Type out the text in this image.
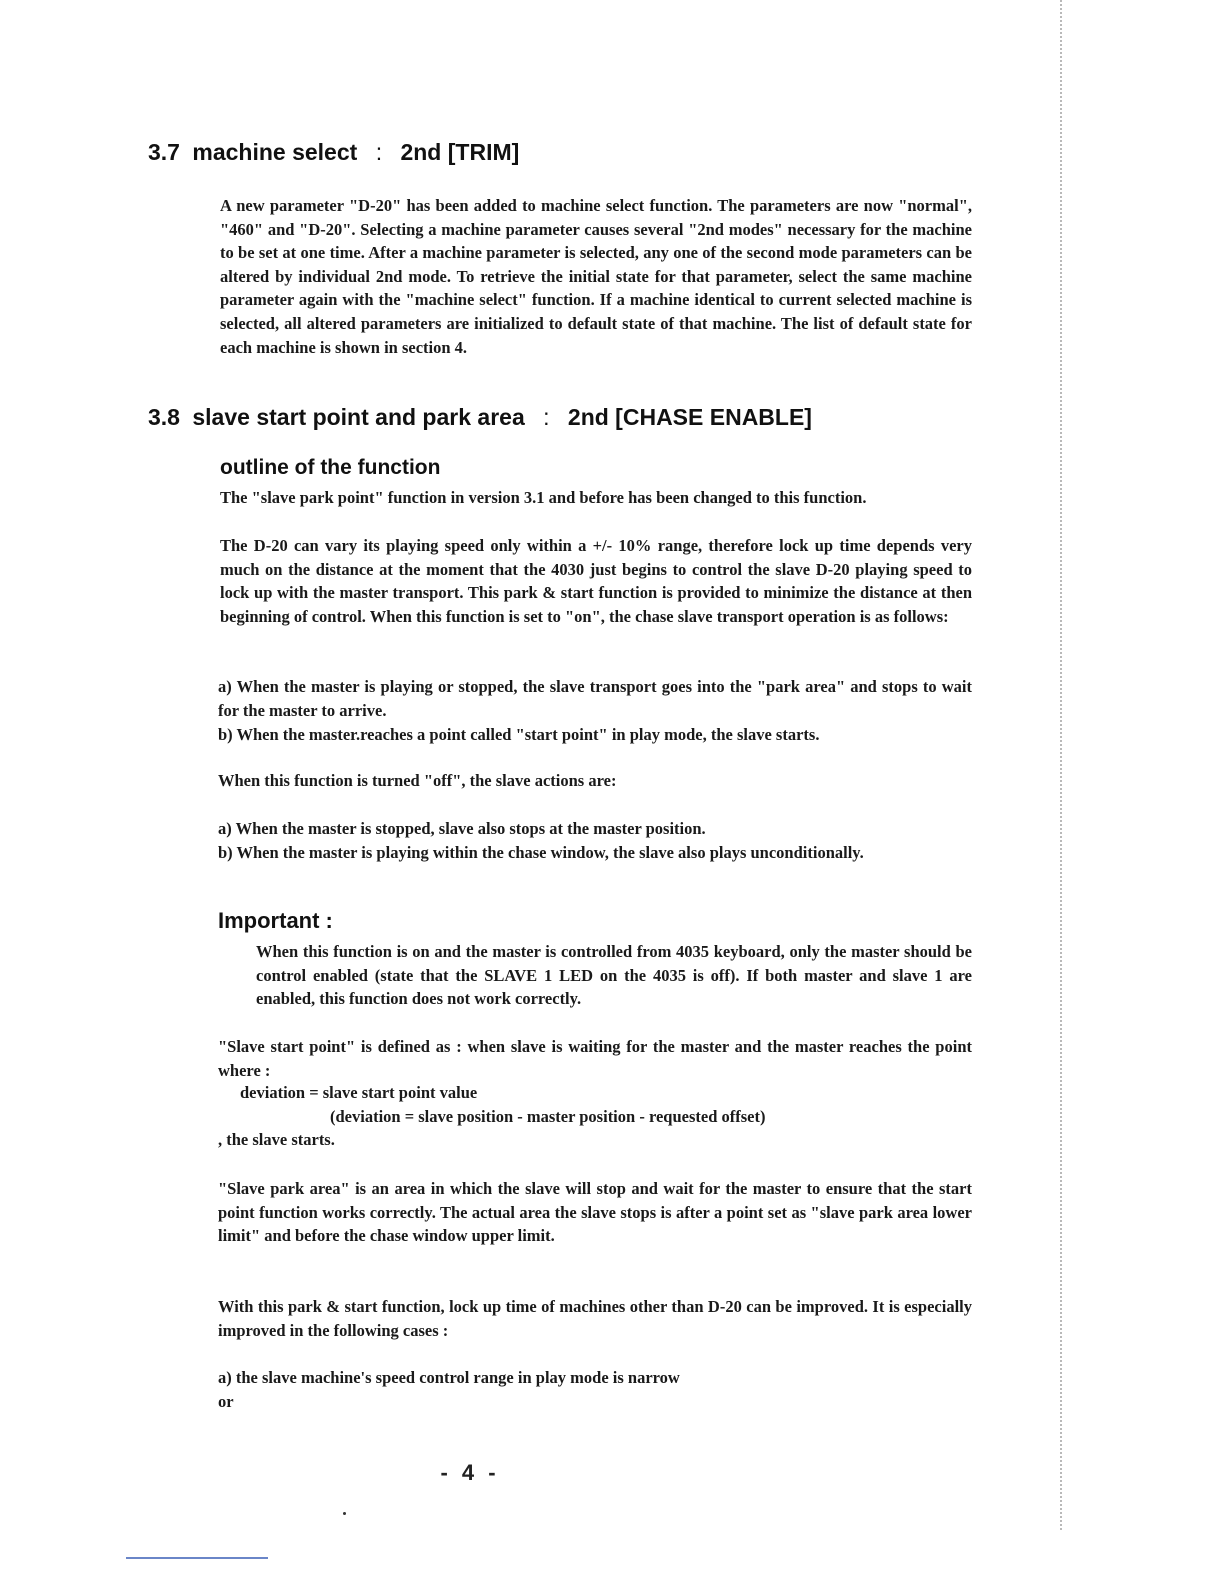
3.7 machine select : 2nd [TRIM]
A new parameter "D-20" has been added to machine select function. The parameters are now "normal", "460" and "D-20". Selecting a machine parameter causes several "2nd modes" necessary for the machine to be set at one time. After a machine parameter is selected, any one of the second mode parameters can be altered by individual 2nd mode. To retrieve the initial state for that parameter, select the same machine parameter again with the "machine select" function. If a machine identical to current selected machine is selected, all altered parameters are initialized to default state of that machine. The list of default state for each machine is shown in section 4.
3.8 slave start point and park area : 2nd [CHASE ENABLE]
outline of the function
The "slave park point" function in version 3.1 and before has been changed to this function.
The D-20 can vary its playing speed only within a +/- 10% range, therefore lock up time depends very much on the distance at the moment that the 4030 just begins to control the slave D-20 playing speed to lock up with the master transport. This park & start function is provided to minimize the distance at then beginning of control. When this function is set to "on", the chase slave transport operation is as follows:
a) When the master is playing or stopped, the slave transport goes into the "park area" and stops to wait for the master to arrive.
b) When the master.reaches a point called "start point" in play mode, the slave starts.
When this function is turned "off", the slave actions are:
a) When the master is stopped, slave also stops at the master position.
b) When the master is playing within the chase window, the slave also plays unconditionally.
Important :
When this function is on and the master is controlled from 4035 keyboard, only the master should be control enabled (state that the SLAVE 1 LED on the 4035 is off). If both master and slave 1 are enabled, this function does not work correctly.
"Slave start point" is defined as : when slave is waiting for the master and the master reaches the point where :
deviation = slave start point value
(deviation = slave position - master position - requested offset)
, the slave starts.
"Slave park area" is an area in which the slave will stop and wait for the master to ensure that the start point function works correctly. The actual area the slave stops is after a point set as "slave park area lower limit" and before the chase window upper limit.
With this park & start function, lock up time of machines other than D-20 can be improved. It is especially improved in the following cases :
a) the slave machine's speed control range in play mode is narrow
or
- 4 -
